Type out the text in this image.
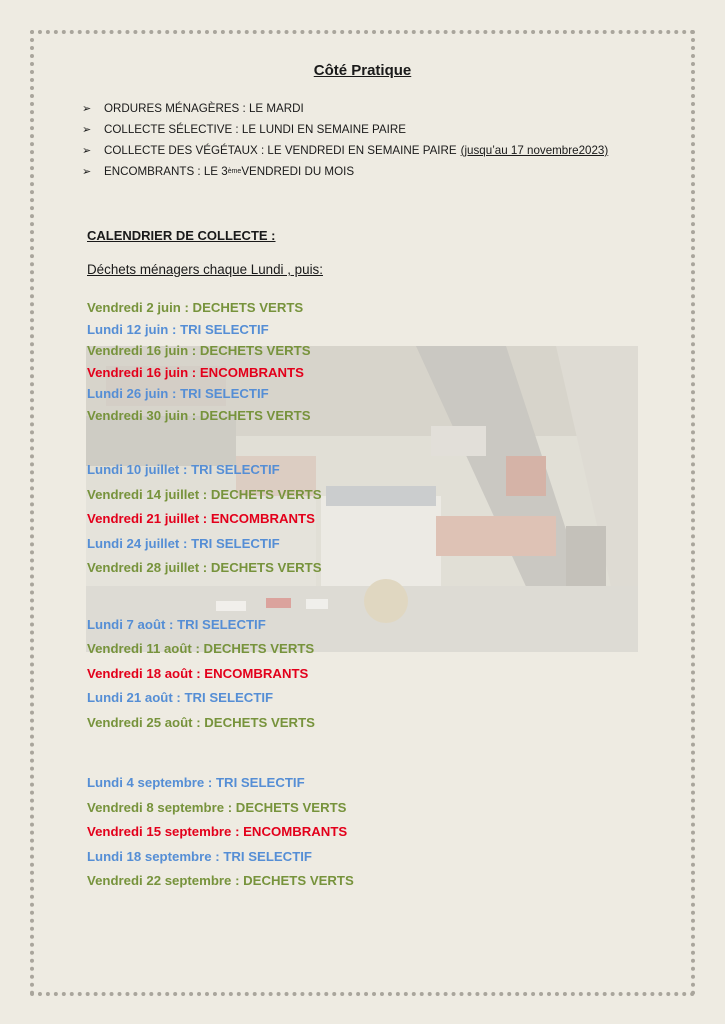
Côté Pratique
➢	ORDURES MÉNAGÈRES : LE MARDI
➢	COLLECTE SÉLECTIVE : LE LUNDI EN SEMAINE PAIRE
➢	COLLECTE DES VÉGÉTAUX : LE VENDREDI EN SEMAINE PAIRE (jusqu’au 17 novembre2023)
➢	ENCOMBRANTS : LE 3 ème VENDREDI DU MOIS
CALENDRIER DE COLLECTE :
Déchets ménagers chaque Lundi , puis:
Vendredi 2 juin : DECHETS VERTS
Lundi 12 juin : TRI SELECTIF
Vendredi 16 juin : DECHETS VERTS
Vendredi 16 juin : ENCOMBRANTS
Lundi 26 juin : TRI SELECTIF
Vendredi 30 juin : DECHETS VERTS
Lundi 10 juillet : TRI SELECTIF
Vendredi 14 juillet : DECHETS VERTS
Vendredi 21 juillet : ENCOMBRANTS
Lundi 24 juillet : TRI SELECTIF
Vendredi 28 juillet : DECHETS VERTS
Lundi 7 août : TRI SELECTIF
Vendredi 11 août : DECHETS VERTS
Vendredi 18 août : ENCOMBRANTS
Lundi 21 août : TRI SELECTIF
Vendredi 25 août : DECHETS VERTS
Lundi 4 septembre : TRI SELECTIF
Vendredi 8 septembre : DECHETS VERTS
Vendredi 15 septembre : ENCOMBRANTS
Lundi 18 septembre : TRI SELECTIF
Vendredi 22 septembre : DECHETS VERTS
